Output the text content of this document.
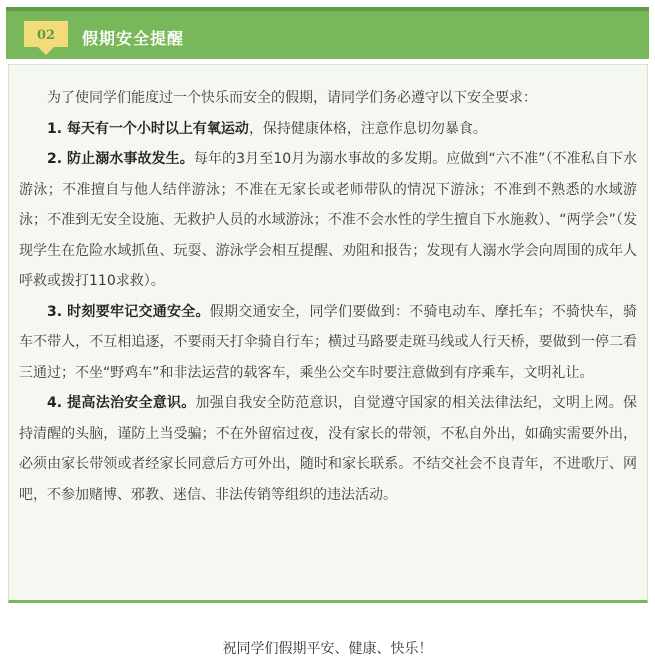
02	假期安全提醒

为了使同学们能度过一个快乐而安全的假期，请同学们务必遵守以下安全要求：

1. 每天有一个小时以上有氧运动，保持健康体格，注意作息切勿暴食。

2. 防止溺水事故发生。每年的3月至10月为溺水事故的多发期。应做到“六不准”（不准私自下水游泳；不准擅自与他人结伴游泳；不准在无家长或老师带队的情况下游泳；不准到不熟悉的水域游泳；不准到无安全设施、无救护人员的水域游泳；不准不会水性的学生擅自下水施救）、“两学会”（发现学生在危险水域抓鱼、玩耍、游泳学会相互提醒、劝阻和报告；发现有人溺水学会向周围的成年人呼救或拨打110求救）。

3. 时刻要牢记交通安全。假期交通安全，同学们要做到：不骑电动车、摩托车；不骑快车，骑车不带人，不互相追逐，不要雨天打伞骑自行车；横过马路要走斑马线或人行天桥，要做到一停二看三通过；不坐“野鸡车”和非法运营的载客车，乘坐公交车时要注意做到有序乘车，文明礼让。

4. 提高法治安全意识。加强自我安全防范意识，自觉遵守国家的相关法律法纪，文明上网。保持清醒的头脑，谨防上当受骗；不在外留宿过夜，没有家长的带领，不私自外出，如确实需要外出，必须由家长带领或者经家长同意后方可外出，随时和家长联系。不结交社会不良青年，不进歌厅、网吧，不参加赌博、邪教、迷信、非法传销等组织的违法活动。

祝同学们假期平安、健康、快乐！
